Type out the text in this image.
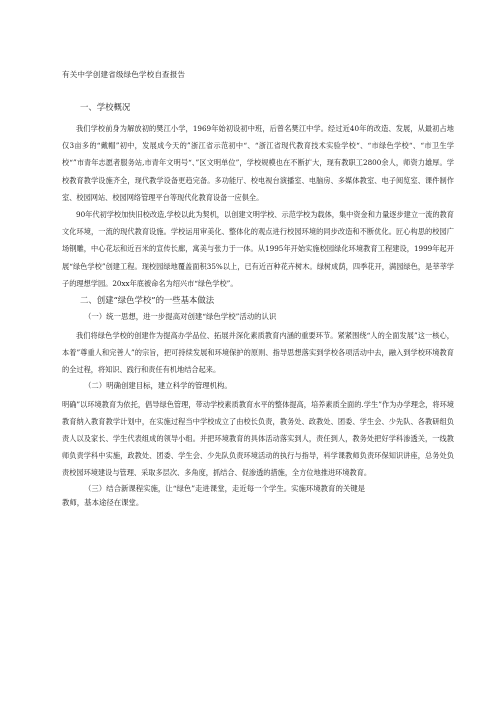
有关中学创建省级绿色学校自查报告
一、学校概况

我们学校前身为解放初的樊江小学，1969年始初设初中班，后曾名樊江中学。经过近40年的改造、发展，从最初占地仅3亩多的“戴帽”初中，发展成今天的”浙江省示范初中“、“浙江省现代教育技术实验学校“、“市绿色学校“、“市卫生学校“”市青年志愿者服务站,市青年文明号“、”区文明单位”，学校规模也在不断扩大，现有教职工2800余人，师资力雄厚。学校教育教学设施齐全，现代教学设备更趋完备。多功能厅、校电视台演播室、电脑房、多媒体教室、电子阅览室、课件制作室、校园网站、校园网络管理平台等现代化教育设备一应俱全。

90年代初学校加快旧校改造,学校以此为契机，以创建文明学校、示范学校为载体，集中资金和力量逐步建立一流的教育文化环境，一流的现代教育设施。学校运用审美化、整体化的观点进行校园环境的同步改造和不断优化。匠心构思的校园广场钢雕，中心花坛和近百米的宣传长廊，寓美与张力于一体。从1995年开始实施校园绿化环境教育工程建设，1999年起开展“绿色学校”创建工程。现校园绿地覆盖面积35%以上，已有近百种花卉树木。绿树成荫，四季花开，满园绿色，是莘莘学子的理想学园。20xx年底被命名为绍兴市“绿色学校”。

二、创建“绿色学校”的一些基本做法
（一）统一思想，进一步提高对创建“绿色学校”活动的认识

我们将绿色学校的创建作为提高办学品位、拓展并深化素质教育内涵的重要环节。紧紧围绕“人的全面发展”这一核心，本着”尊重人和完善人”的宗旨，把可持续发展和环境保护的原则、指导思想落实到学校各项活动中去，融入到学校环境教育的全过程，将知识、践行和责任有机地结合起来。

（二）明确创建目标，建立科学的管理机构。

明确”以环境教育为依托，倡导绿色管理，带动学校素质教育水平的整体提高，培养素质全面的.学生”作为办学理念，将环境教育纳入教育教学计划中，在实施过程当中学校成立了由校长负责，教务处、政教处、团委、学生会、少先队、各教研组负责人以及家长、学生代表组成的领导小组。并把环境教育的具体活动落实到人，责任到人，教务处把好学科渗透关，一线教师负责学科中实施，政教处、团委、学生会、少先队负责环境活动的执行与指导，科学课教师负责环保知识讲座，总务处负责校园环境建设与管理、采取多层次、多角度，抓结合、促渗透的措施，全方位地推进环境教育。

（三）结合新课程实施，让“绿色”走进课堂，走近每一个学生。实施环境教育的关键是
教师，基本途径在课堂。
